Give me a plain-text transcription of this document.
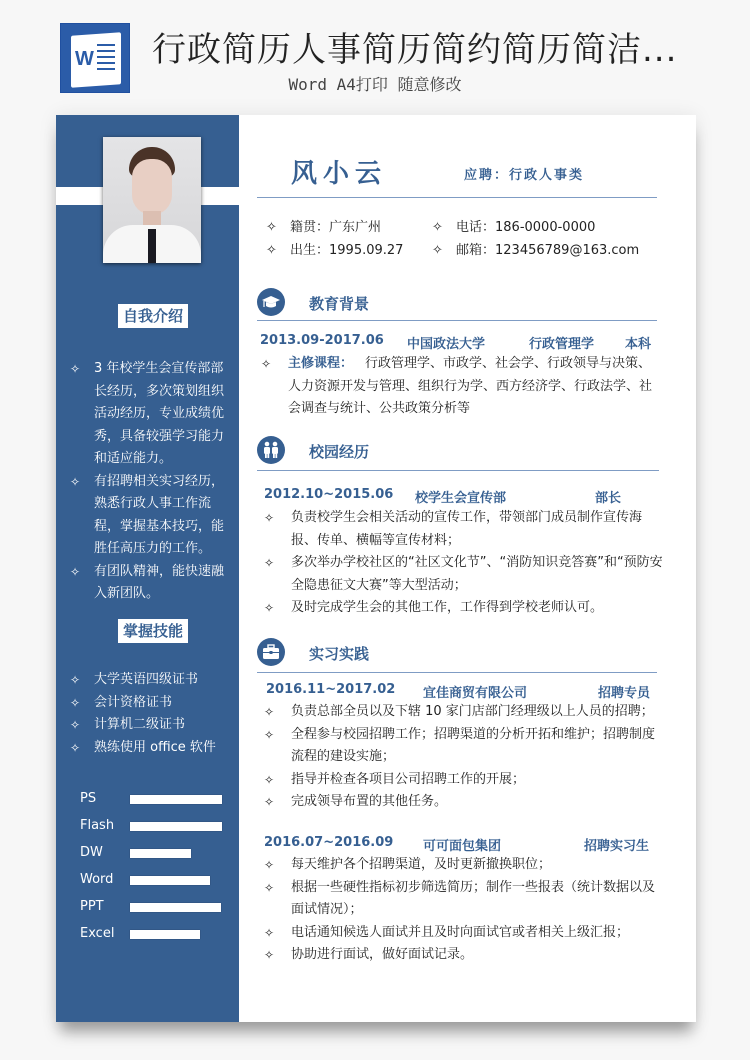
W 行政简历人事简历简约简历简洁...
Word A4打印 随意修改
自我介绍
✧	3 年校学生会宣传部部长经历，多次策划组织活动经历，专业成绩优秀，具备较强学习能力和适应能力。
✧	有招聘相关实习经历，熟悉行政人事工作流程，掌握基本技巧，能胜任高压力的工作。
✧	有团队精神，能快速融入新团队。
掌握技能
✧	大学英语四级证书
✧	会计资格证书
✧	计算机二级证书
✧	熟练使用 office 软件
PS
Flash
DW
Word
PPT
Excel
风小云	应聘：行政人事类
✧ 籍贯：广东广州	✧ 电话：186-0000-0000
✧ 出生：1995.09.27 ✧ 邮箱：123456789@163.com
教育背景
2013.09-2017.06 中国政法大学	行政管理学 本科
✧	主修课程： 行政管理学、市政学、社会学、行政领导与决策、人力资源开发与管理、组织行为学、西方经济学、行政法学、社会调查与统计、公共政策分析等
校园经历
2012.10~2015.06 校学生会宣传部	部长
✧	负责校学生会相关活动的宣传工作，带领部门成员制作宣传海报、传单、横幅等宣传材料；
✧	多次举办学校社区的“社区文化节”、“消防知识竞答赛”和“预防安全隐患征文大赛”等大型活动；
✧	及时完成学生会的其他工作，工作得到学校老师认可。
实习实践
2016.11~2017.02 宜佳商贸有限公司	招聘专员
✧	负责总部全员以及下辖 10 家门店部门经理级以上人员的招聘；
✧	全程参与校园招聘工作；招聘渠道的分析开拓和维护；招聘制度流程的建设实施；
✧	指导并检查各项目公司招聘工作的开展；
✧	完成领导布置的其他任务。
2016.07~2016.09 可可面包集团	招聘实习生
✧	每天维护各个招聘渠道，及时更新撤换职位；
✧	根据一些硬性指标初步筛选简历；制作一些报表（统计数据以及面试情况）；
✧	电话通知候选人面试并且及时向面试官或者相关上级汇报；
✧	协助进行面试，做好面试记录。
